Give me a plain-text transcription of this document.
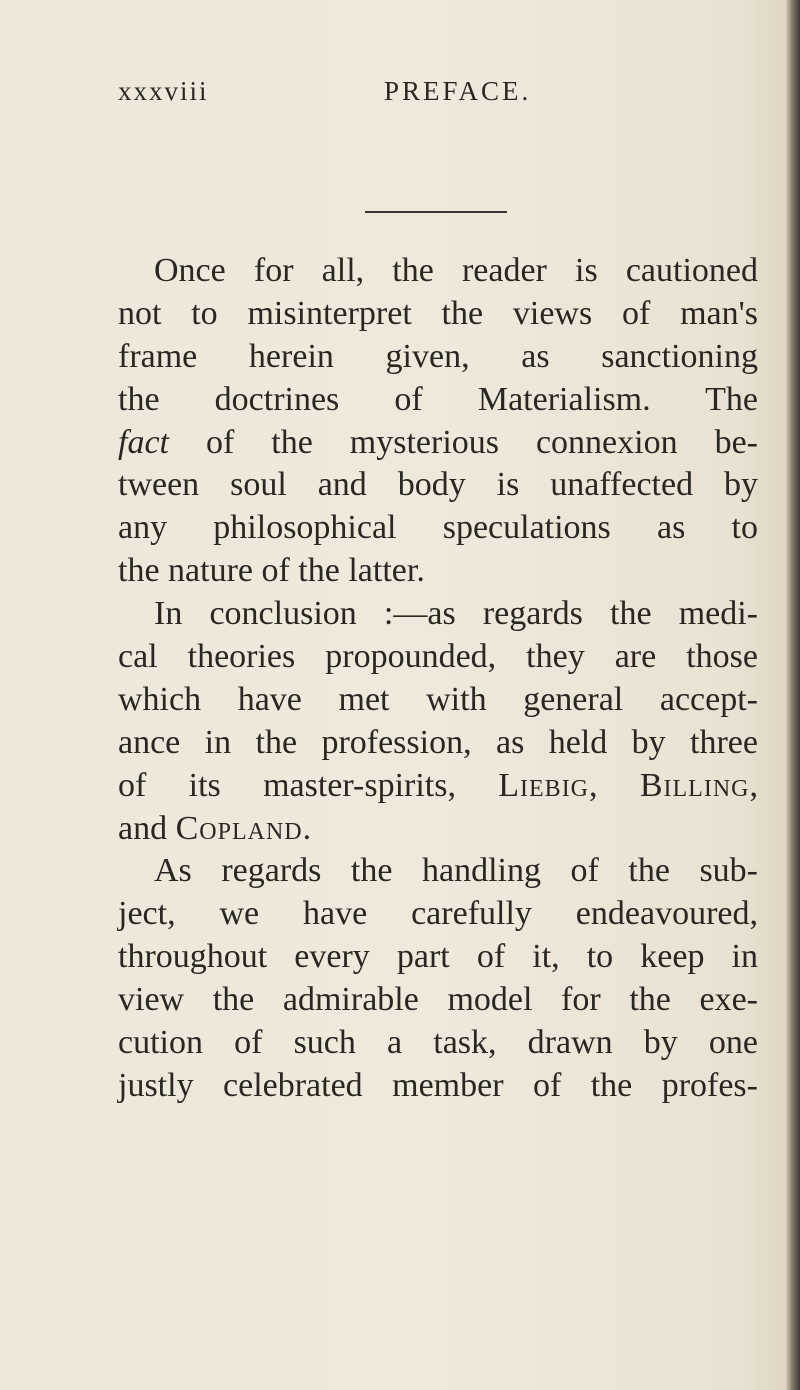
xxxviii	PREFACE.
Once for all, the reader is cautioned
not to misinterpret the views of man's
frame herein given, as sanctioning
the doctrines of Materialism. The
fact of the mysterious connexion be-
tween soul and body is unaffected by
any philosophical speculations as to
the nature of the latter.
In conclusion :—as regards the medi-
cal theories propounded, they are those
which have met with general accept-
ance in the profession, as held by three
of its master-spirits, Liebig, Billing,
and Copland.
As regards the handling of the sub-
ject, we have carefully endeavoured,
throughout every part of it, to keep in
view the admirable model for the exe-
cution of such a task, drawn by one
justly celebrated member of the profes-
